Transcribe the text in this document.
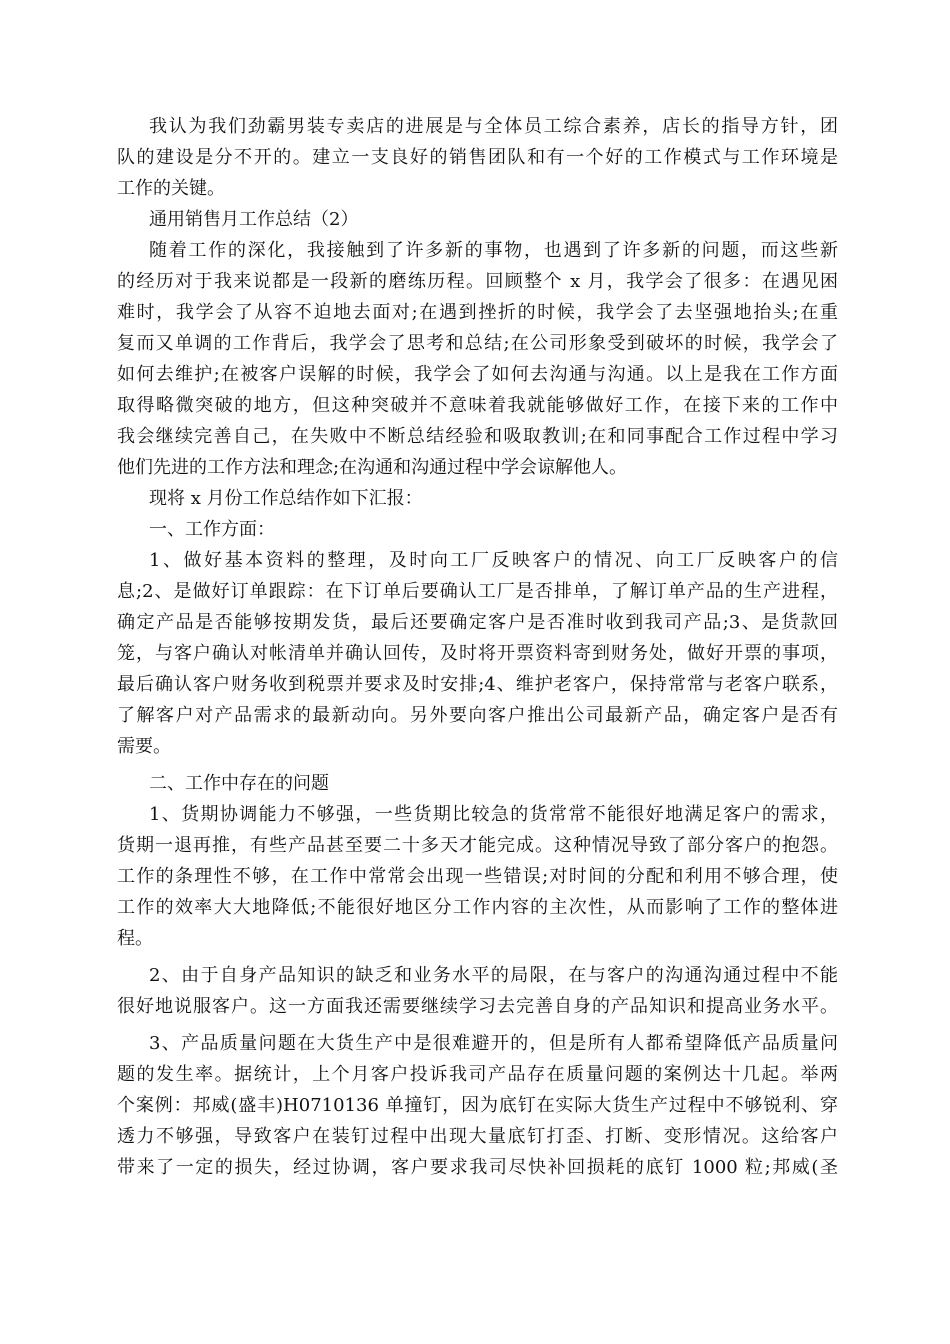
我认为我们劲霸男装专卖店的进展是与全体员工综合素养，店长的指导方针，团
队的建设是分不开的。建立一支良好的销售团队和有一个好的工作模式与工作环境是
工作的关键。
通用销售月工作总结（2）
随着工作的深化，我接触到了许多新的事物，也遇到了许多新的问题，而这些新
的经历对于我来说都是一段新的磨练历程。回顾整个 x 月，我学会了很多：在遇见困
难时，我学会了从容不迫地去面对;在遇到挫折的时候，我学会了去坚强地抬头;在重
复而又单调的工作背后，我学会了思考和总结;在公司形象受到破坏的时候，我学会了
如何去维护;在被客户误解的时候，我学会了如何去沟通与沟通。以上是我在工作方面
取得略微突破的地方，但这种突破并不意味着我就能够做好工作，在接下来的工作中
我会继续完善自己，在失败中不断总结经验和吸取教训;在和同事配合工作过程中学习
他们先进的工作方法和理念;在沟通和沟通过程中学会谅解他人。
现将 x 月份工作总结作如下汇报：
一、工作方面：
1、做好基本资料的整理，及时向工厂反映客户的情况、向工厂反映客户的信
息;2、是做好订单跟踪：在下订单后要确认工厂是否排单，了解订单产品的生产进程，
确定产品是否能够按期发货，最后还要确定客户是否准时收到我司产品;3、是货款回
笼，与客户确认对帐清单并确认回传，及时将开票资料寄到财务处，做好开票的事项，
最后确认客户财务收到税票并要求及时安排;4、维护老客户，保持常常与老客户联系，
了解客户对产品需求的最新动向。另外要向客户推出公司最新产品，确定客户是否有
需要。
二、工作中存在的问题
1、货期协调能力不够强，一些货期比较急的货常常不能很好地满足客户的需求，
货期一退再推，有些产品甚至要二十多天才能完成。这种情况导致了部分客户的抱怨。
工作的条理性不够，在工作中常常会出现一些错误;对时间的分配和利用不够合理，使
工作的效率大大地降低;不能很好地区分工作内容的主次性，从而影响了工作的整体进
程。
2、由于自身产品知识的缺乏和业务水平的局限，在与客户的沟通沟通过程中不能
很好地说服客户。这一方面我还需要继续学习去完善自身的产品知识和提高业务水平。
3、产品质量问题在大货生产中是很难避开的，但是所有人都希望降低产品质量问
题的发生率。据统计，上个月客户投诉我司产品存在质量问题的案例达十几起。举两
个案例：邦威(盛丰)H0710136 单撞钉，因为底钉在实际大货生产过程中不够锐利、穿
透力不够强，导致客户在装钉过程中出现大量底钉打歪、打断、变形情况。这给客户
带来了一定的损失，经过协调，客户要求我司尽快补回损耗的底钉 1000 粒;邦威(圣
